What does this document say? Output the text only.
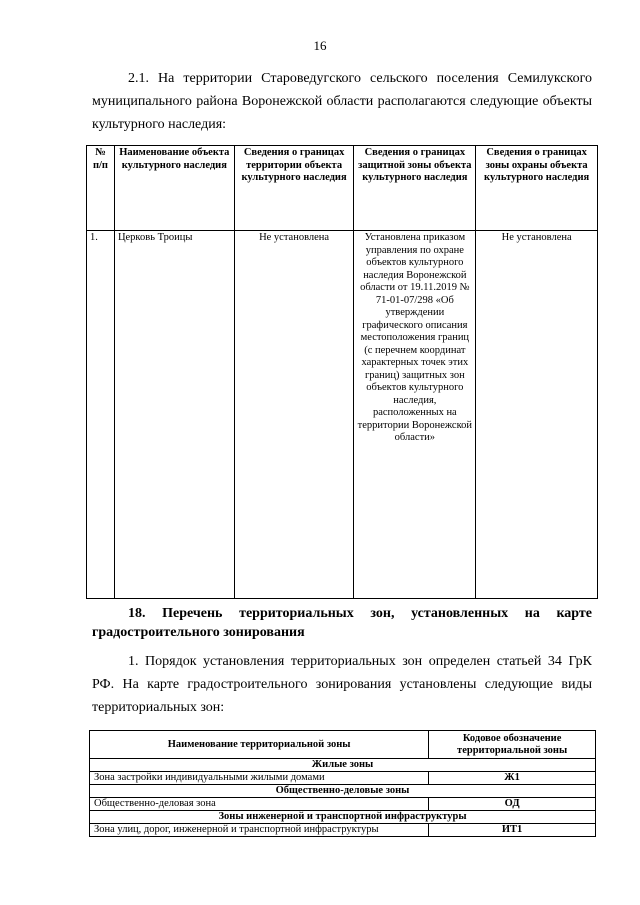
16
2.1. На территории Староведугского сельского поселения Семилукского муниципального района Воронежской области располагаются следующие объекты культурного наследия:
№ п/п	Наименование объекта культурного наследия	Сведения о границах территории объекта культурного наследия	Сведения о границах защитной зоны объекта культурного наследия	Сведения о границах зоны охраны объекта культурного наследия
1.	Церковь Троицы	Не установлена	Установлена приказом управления по охране объектов культурного наследия Воронежской области от 19.11.2019 № 71-01-07/298 «Об утверждении графического описания местоположения границ (с перечнем координат характерных точек этих границ) защитных зон объектов культурного наследия, расположенных на территории Воронежской области»	Не установлена
18. Перечень территориальных зон, установленных на карте градостроительного зонирования
1. Порядок установления территориальных зон определен статьей 34 ГрК РФ. На карте градостроительного зонирования установлены следующие виды территориальных зон:
Наименование территориальной зоны	Кодовое обозначение территориальной зоны
Жилые зоны	
Зона застройки индивидуальными жилыми домами	Ж1
Общественно-деловые зоны	
Общественно-деловая зона	ОД
Зоны инженерной и транспортной инфраструктуры	
Зона улиц, дорог, инженерной и транспортной инфраструктуры	ИТ1
